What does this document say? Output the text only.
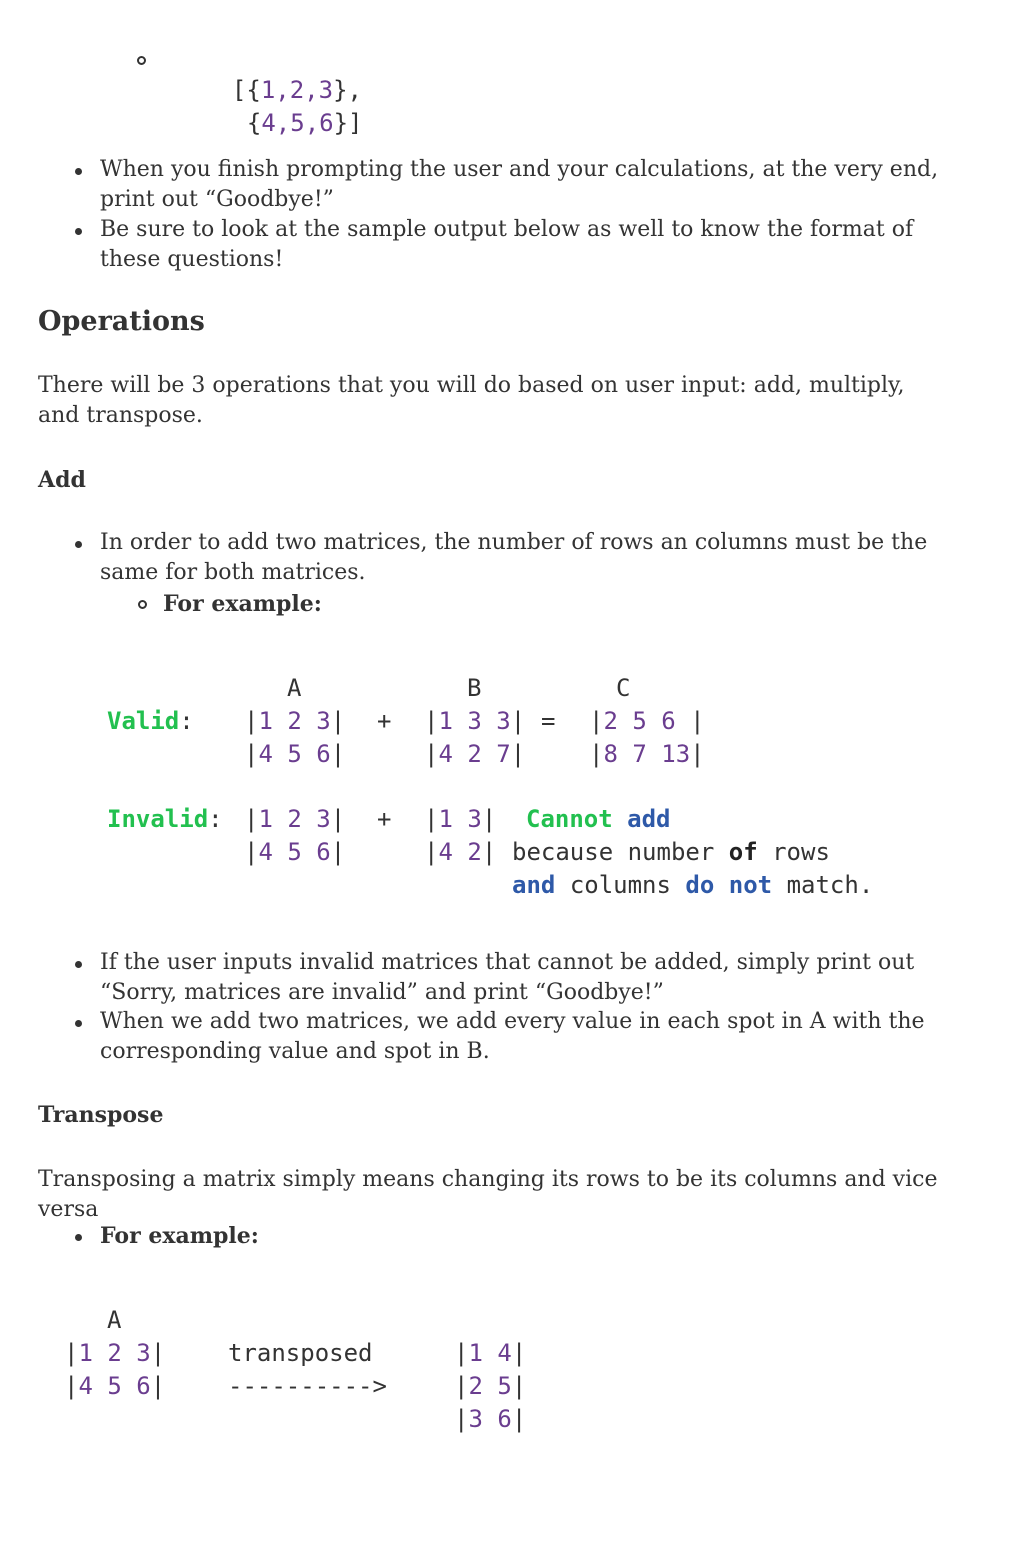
[{1,2,3},

{4,5,6}]

When you finish prompting the user and your calculations, at the very end, print out “Goodbye!”
Be sure to look at the sample output below as well to know the format of these questions!
Operations
There will be 3 operations that you will do based on user input: add, multiply, and transpose.
Add
In order to add two matrices, the number of rows an columns must be the same for both matrices.
For example:
A	B	C
Valid: |1 2 3| + |1 3 3| = |2 5 6 |
|4 5 6|	|4 2 7|	|8 7 13|
Invalid: |1 2 3| + |1 3| Cannot add
|4 5 6|	|4 2| because number of rows
and columns do not match.
If the user inputs invalid matrices that cannot be added, simply print out “Sorry, matrices are invalid” and print “Goodbye!”
When we add two matrices, we add every value in each spot in A with the corresponding value and spot in B.
Transpose
Transposing a matrix simply means changing its rows to be its columns and vice versa
For example:
A
|1 2 3|
|4 5 6|
transposed
---------->
|1 4|
|2 5|
|3 6|
